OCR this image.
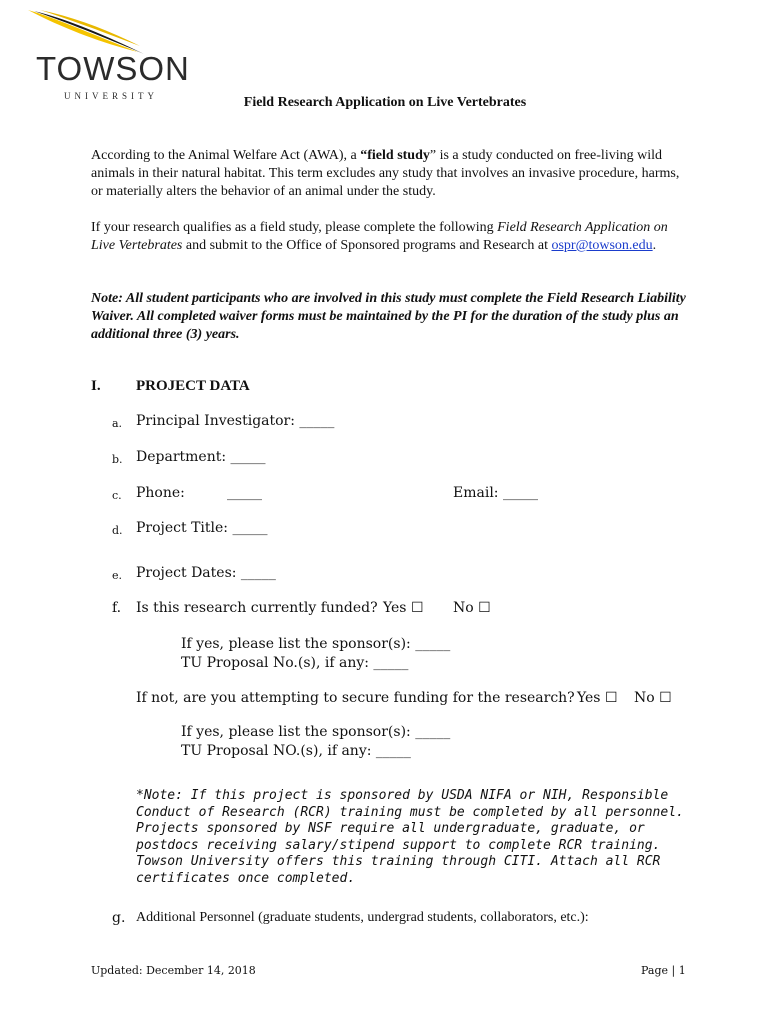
TOWSON
UNIVERSITY	Field Research Application on Live Vertebrates
According to the Animal Welfare Act (AWA), a “field study” is a study conducted on free-living wild animals in their natural habitat. This term excludes any study that involves an invasive procedure, harms, or materially alters the behavior of an animal under the study.
If your research qualifies as a field study, please complete the following Field Research Application on Live Vertebrates and submit to the Office of Sponsored programs and Research at ospr@towson.edu.
Note: All student participants who are involved in this study must complete the Field Research Liability Waiver. All completed waiver forms must be maintained by the PI for the duration of the study plus an additional three (3) years.
I. PROJECT DATA
a. Principal Investigator: _____
b. Department: _____
c. Phone:	_____	Email: _____
d. Project Title: _____
e. Project Dates: _____
f. Is this research currently funded? Yes ☐ No ☐
If yes, please list the sponsor(s): _____
TU Proposal No.(s), if any: _____
If not, are you attempting to secure funding for the research? Yes ☐ No ☐
If yes, please list the sponsor(s): _____
TU Proposal NO.(s), if any: _____
*Note: If this project is sponsored by USDA NIFA or NIH, Responsible Conduct of Research (RCR) training must be completed by all personnel. Projects sponsored by NSF require all undergraduate, graduate, or postdocs receiving salary/stipend support to complete RCR training. Towson University offers this training through CITI. Attach all RCR certificates once completed.
g. Additional Personnel (graduate students, undergrad students, collaborators, etc.):
Updated: December 14, 2018	Page | 1
